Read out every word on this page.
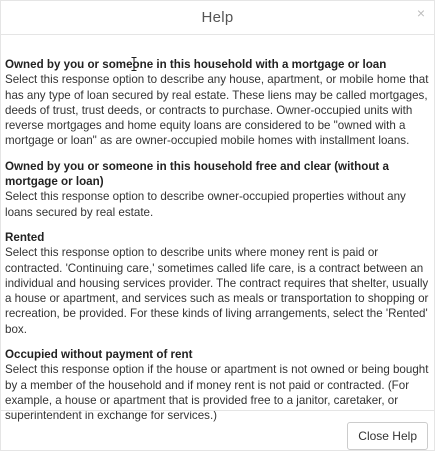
Help	×
Owned by you or someone in this household with a mortgage or loan

Select this response option to describe any house, apartment, or mobile home that has any type of loan secured by real estate. These liens may be called mortgages, deeds of trust, trust deeds, or contracts to purchase. Owner-occupied units with reverse mortgages and home equity loans are considered to be "owned with a mortgage or loan" as are owner-occupied mobile homes with installment loans.

Owned by you or someone in this household free and clear (without a mortgage or loan)

Select this response option to describe owner-occupied properties without any loans secured by real estate.

Rented

Select this response option to describe units where money rent is paid or contracted. 'Continuing care,' sometimes called life care, is a contract between an individual and housing services provider. The contract requires that shelter, usually a house or apartment, and services such as meals or transportation to shopping or recreation, be provided. For these kinds of living arrangements, select the 'Rented' box.

Occupied without payment of rent

Select this response option if the house or apartment is not owned or being bought by a member of the household and if money rent is not paid or contracted. (For example, a house or apartment that is provided free to a janitor, caretaker, or superintendent in exchange for services.)

Close Help
